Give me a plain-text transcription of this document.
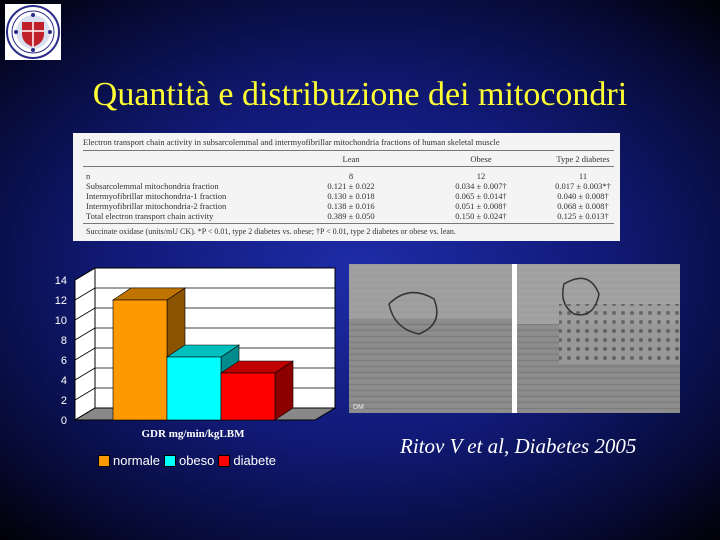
Quantità e distribuzione dei mitocondri
Electron transport chain activity in subsarcolemmal and intermyofibrillar mitochondria fractions of human skeletal muscle
Lean	Obese	Type 2 diabetes
n	8	12	11
Subsarcolemmal mitochondria fraction	0.121 ± 0.022	0.034 ± 0.007†	0.017 ± 0.003*†
Intermyofibrillar mitochondria-1 fraction	0.130 ± 0.018	0.065 ± 0.014†	0.040 ± 0.008†
Intermyofibrillar mitochondria-2 fraction	0.138 ± 0.016	0.051 ± 0.008†	0.068 ± 0.008†
Total electron transport chain activity	0.389 ± 0.050	0.150 ± 0.024†	0.125 ± 0.013†
Succinate oxidase (units/mU CK). *P < 0.01, type 2 diabetes vs. obese; †P < 0.01, type 2 diabetes or obese vs. lean.
0
2
4
6
8
10
12
14
GDR mg/min/kgLBM
normale obeso diabete
DM
Ritov V et al, Diabetes 2005
